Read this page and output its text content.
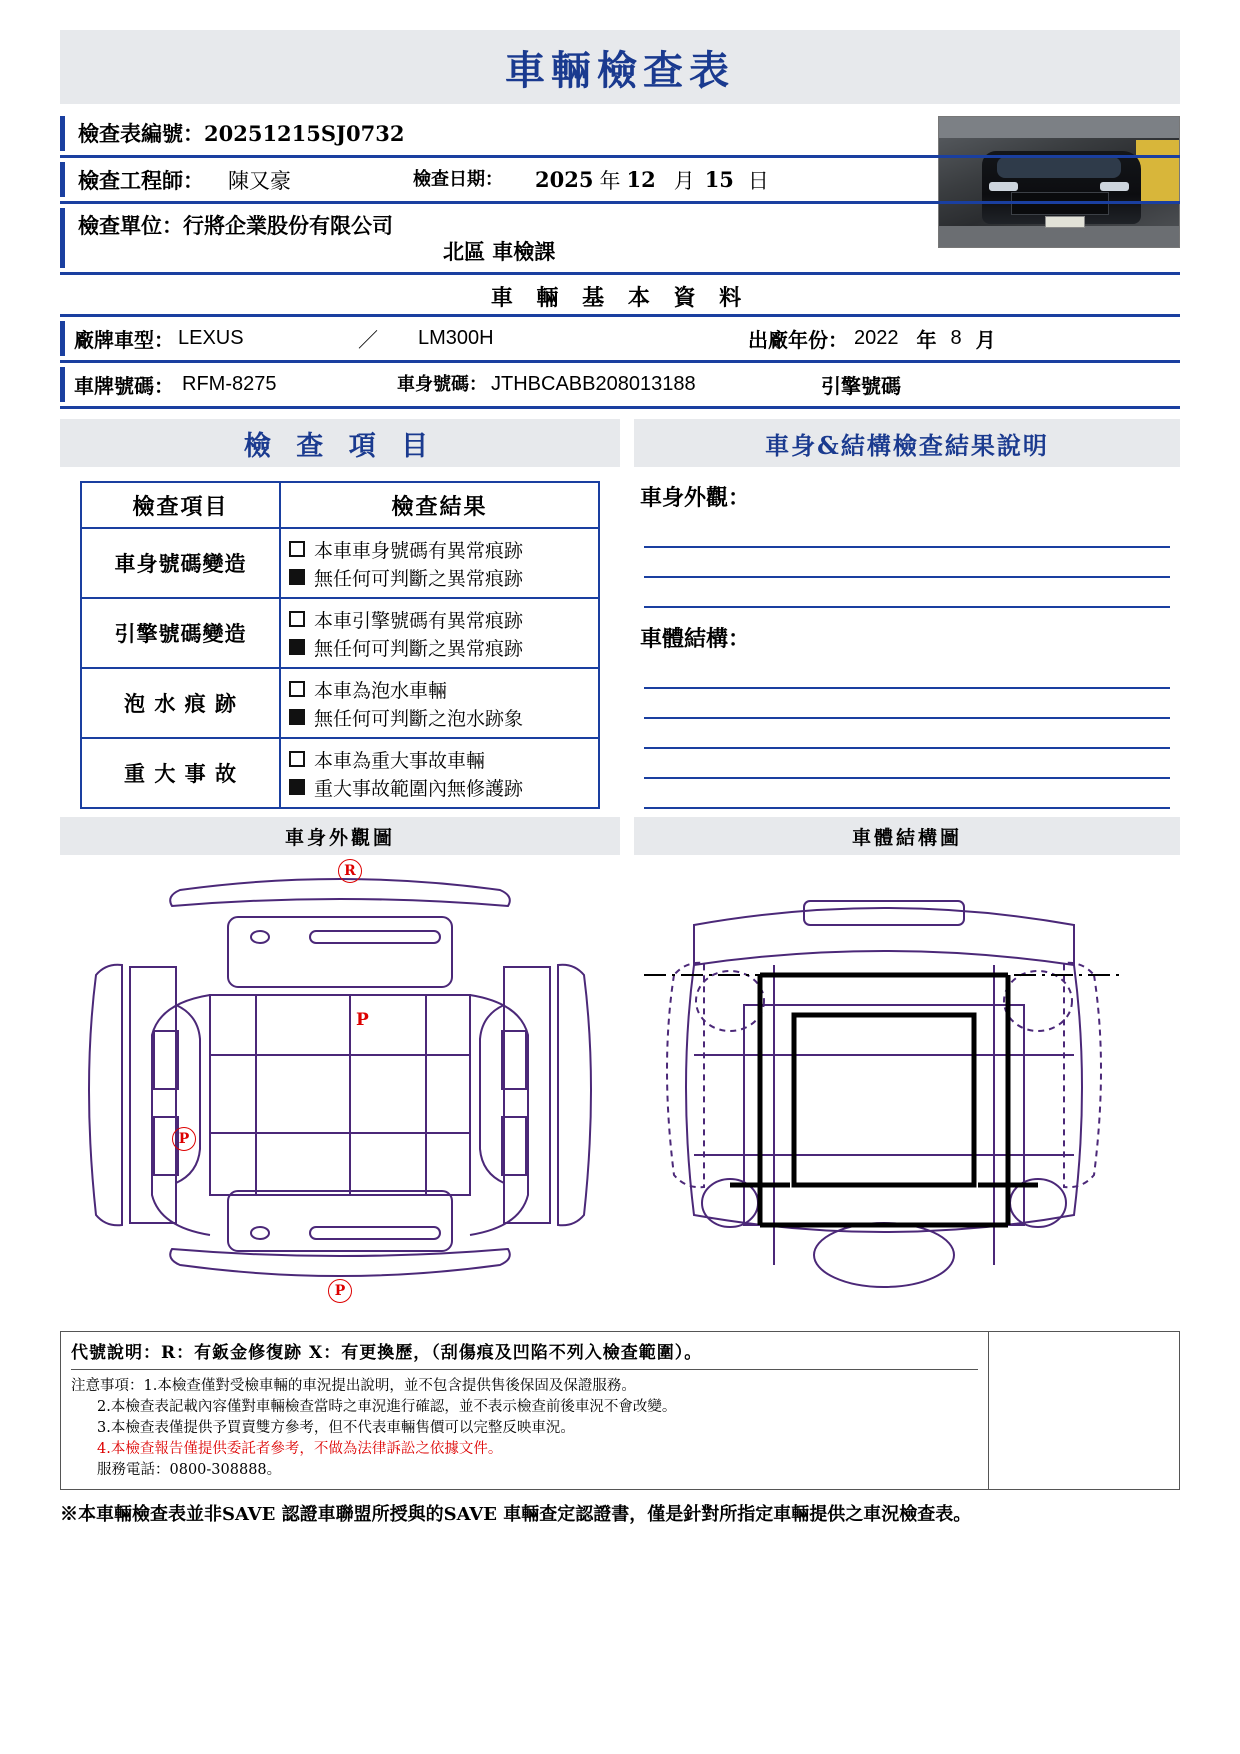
車輛檢查表
檢查表編號：20251215SJ0732
檢查工程師：	陳又豪	檢查日期：	2025 年 12 月 15 日
檢查單位： 行將企業股份有限公司
北區 車檢課
車 輛 基 本 資 料
廠牌車型： LEXUS	／	LM300H	出廠年份： 2022 年 8 月
車牌號碼： RFM-8275	車身號碼： JTHBCABB208013188	引擎號碼
檢 查 項 目
檢查項目	檢查結果
車身號碼變造	本車車身號碼有異常痕跡
無任何可判斷之異常痕跡

引擎號碼變造	本車引擎號碼有異常痕跡
無任何可判斷之異常痕跡

泡 水 痕 跡	本車為泡水車輛
無任何可判斷之泡水跡象

重 大 事 故	本車為重大事故車輛
重大事故範圍內無修護跡
車身&結構檢查結果說明
車身外觀：
車體結構：
車身外觀圖	車體結構圖
R
P
P
P
代號說明：R：有鈑金修復跡 X：有更換歷，（刮傷痕及凹陷不列入檢查範圍）。
注意事項：1.本檢查僅對受檢車輛的車況提出說明，並不包含提供售後保固及保證服務。
2.本檢查表記載內容僅對車輛檢查當時之車況進行確認，並不表示檢查前後車況不會改變。
3.本檢查表僅提供予買賣雙方參考，但不代表車輛售價可以完整反映車況。
4.本檢查報告僅提供委託者參考，不做為法律訴訟之依據文件。
服務電話：0800-308888。
※本車輛檢查表並非SAVE 認證車聯盟所授與的SAVE 車輛查定認證書，僅是針對所指定車輛提供之車況檢查表。
